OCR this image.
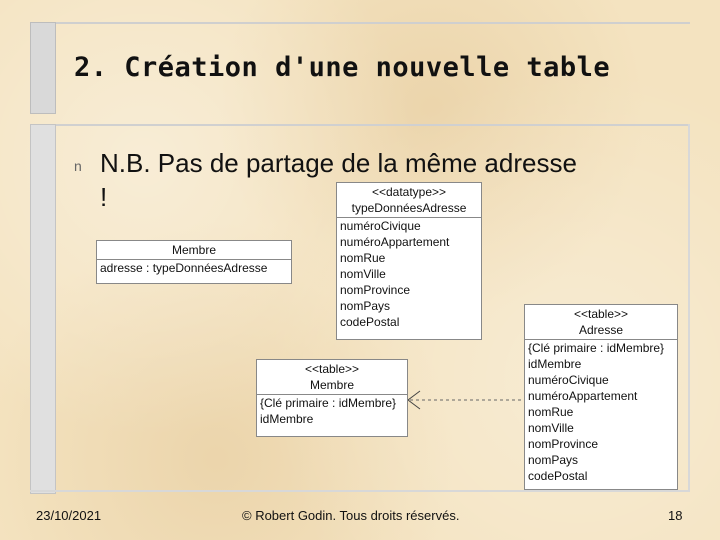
2. Création d'une nouvelle table
n N.B. Pas de partage de la même adresse !	<<datatype>>
typeDonnéesAdresse
numéroCivique
numéroAppartement
nomRue
nomVille
nomProvince
nomPays
codePostal
Membre
adresse : typeDonnéesAdresse
<<table>>
Membre
{Clé primaire : idMembre}
idMembre
<<table>>
Adresse
{Clé primaire : idMembre}
idMembre
numéroCivique
numéroAppartement
nomRue
nomVille
nomProvince
nomPays
codePostal
23/10/2021	© Robert Godin. Tous droits réservés.	18
